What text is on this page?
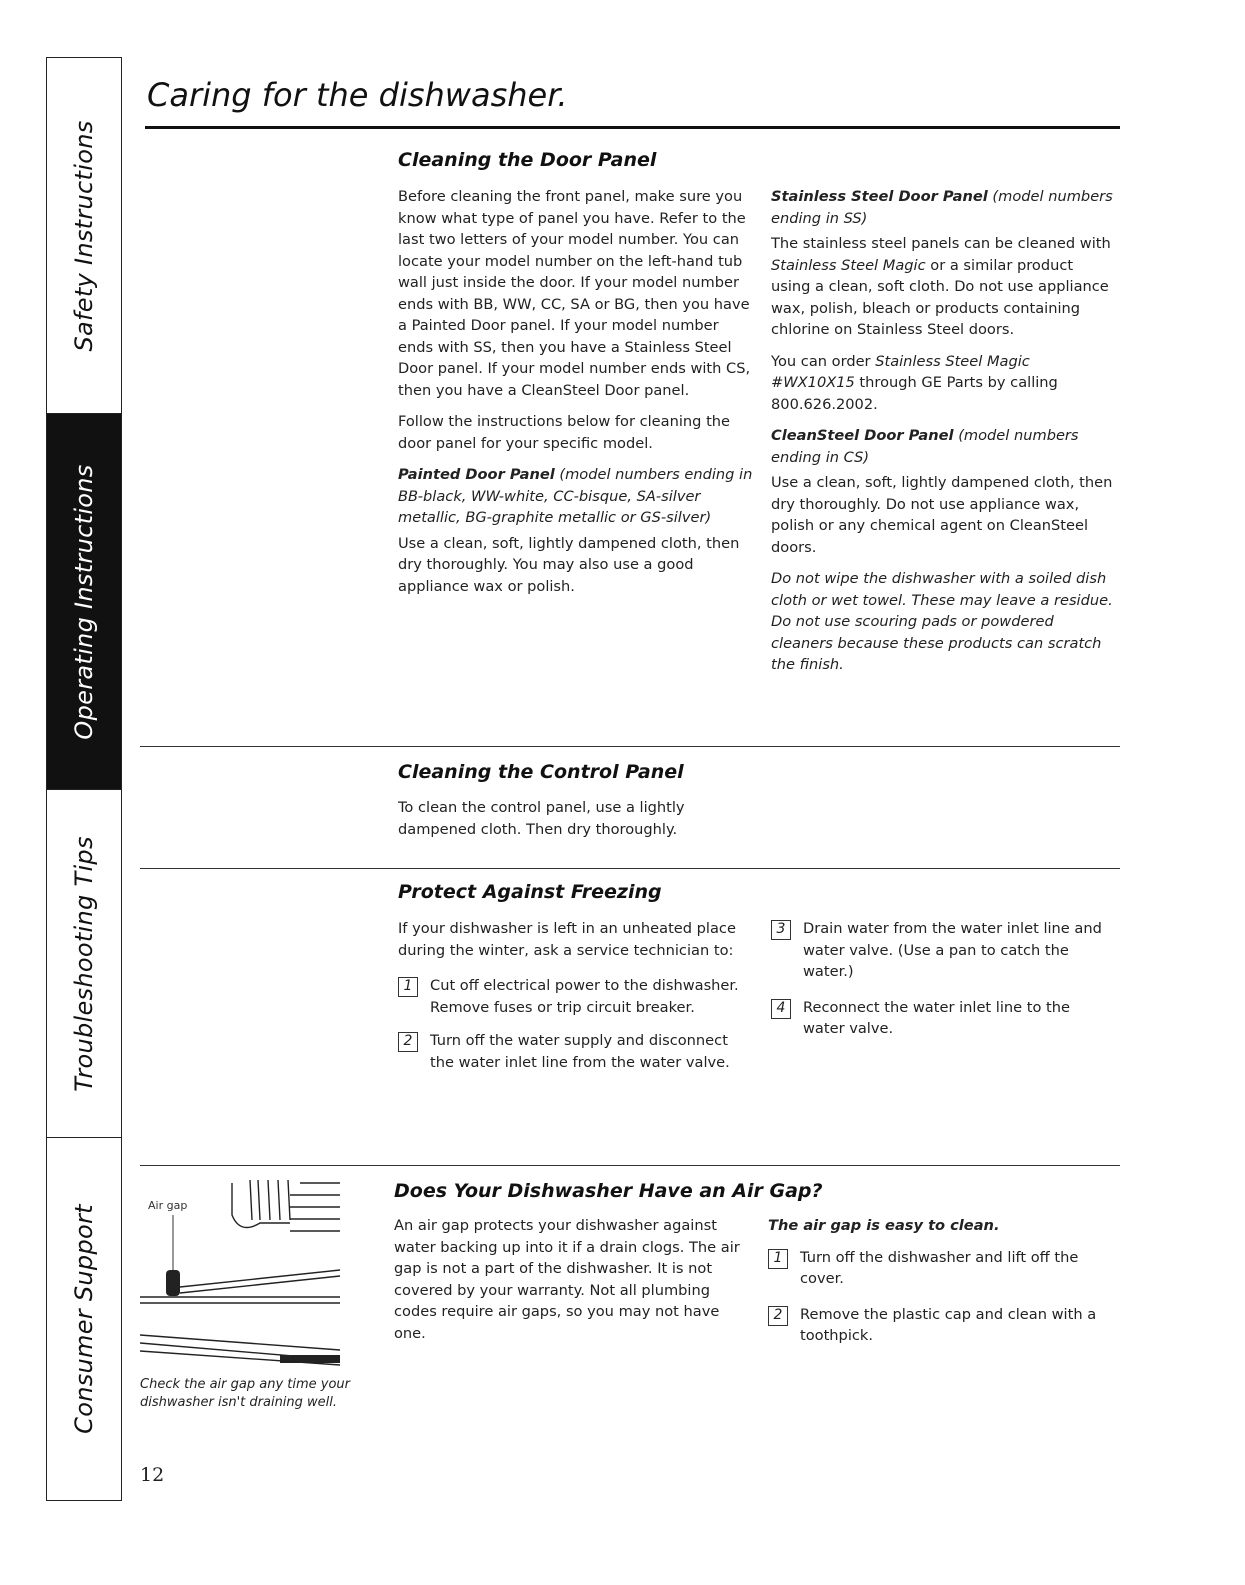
Safety Instructions
Operating Instructions
Troubleshooting Tips
Consumer Support
Caring for the dishwasher.
Cleaning the Door Panel

Before cleaning the front panel, make sure you know what type of panel you have. Refer to the last two letters of your model number. You can locate your model number on the left-hand tub wall just inside the door. If your model number ends with BB, WW, CC, SA or BG, then you have a Painted Door panel. If your model number ends with SS, then you have a Stainless Steel Door panel. If your model number ends with CS, then you have a CleanSteel Door panel.

Follow the instructions below for cleaning the door panel for your specific model.

Painted Door Panel (model numbers ending in BB-black, WW-white, CC-bisque, SA-silver metallic, BG-graphite metallic or GS-silver)

Use a clean, soft, lightly dampened cloth, then dry thoroughly. You may also use a good appliance wax or polish.

Stainless Steel Door Panel (model numbers ending in SS)

The stainless steel panels can be cleaned with Stainless Steel Magic or a similar product using a clean, soft cloth. Do not use appliance wax, polish, bleach or products containing chlorine on Stainless Steel doors.

You can order Stainless Steel Magic #WX10X15 through GE Parts by calling 800.626.2002.

CleanSteel Door Panel (model numbers ending in CS)

Use a clean, soft, lightly dampened cloth, then dry thoroughly. Do not use appliance wax, polish or any chemical agent on CleanSteel doors.

Do not wipe the dishwasher with a soiled dish cloth or wet towel. These may leave a residue. Do not use scouring pads or powdered cleaners because these products can scratch the finish.

Cleaning the Control Panel

To clean the control panel, use a lightly dampened cloth. Then dry thoroughly.

Protect Against Freezing

If your dishwasher is left in an unheated place during the winter, ask a service technician to:

1	Cut off electrical power to the dishwasher. Remove fuses or trip circuit breaker.
2	Turn off the water supply and disconnect the water inlet line from the water valve.
3	Drain water from the water inlet line and water valve. (Use a pan to catch the water.)
4	Reconnect the water inlet line to the water valve.
Air gap
Check the air gap any time your dishwasher isn't draining well.
Does Your Dishwasher Have an Air Gap?

An air gap protects your dishwasher against water backing up into it if a drain clogs. The air gap is not a part of the dishwasher. It is not covered by your warranty. Not all plumbing codes require air gaps, so you may not have one.

The air gap is easy to clean.

1	Turn off the dishwasher and lift off the cover.
2	Remove the plastic cap and clean with a toothpick.
12
